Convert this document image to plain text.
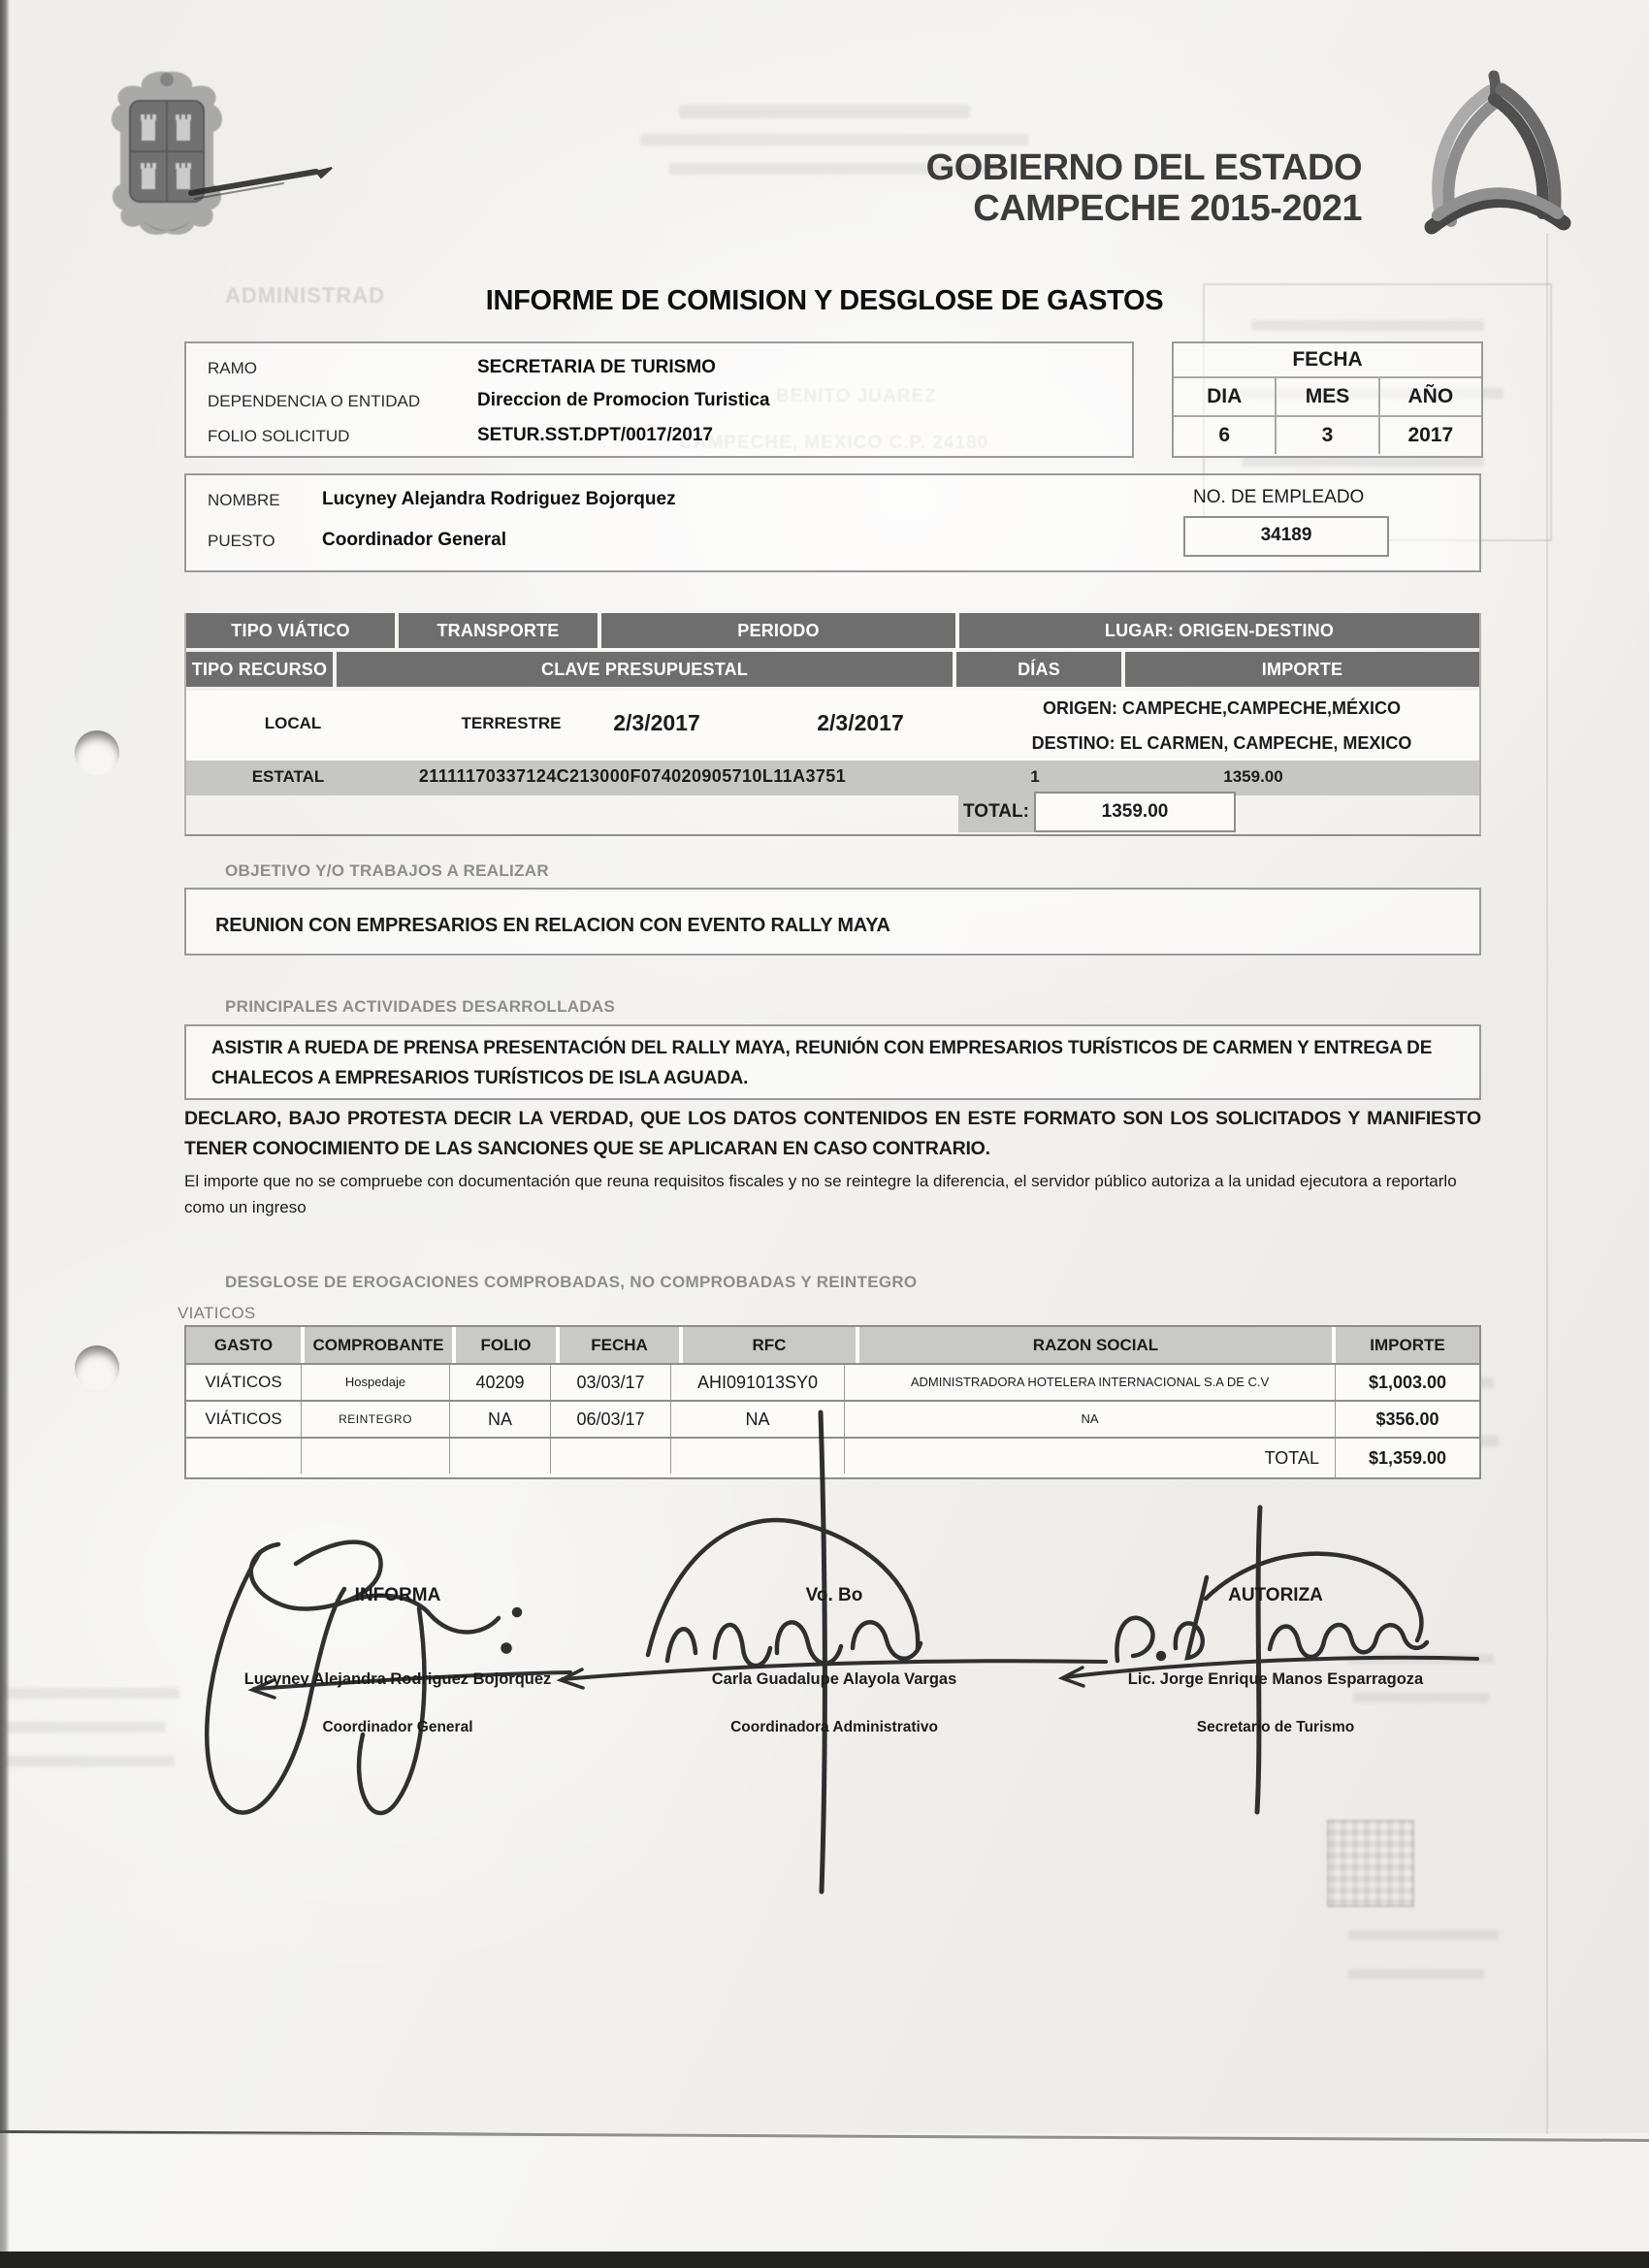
ADMINISTRAD
GOBIERNO DEL ESTADO
CAMPECHE 2015-2021
INFORME DE COMISION Y DESGLOSE DE GASTOS
RAMO	SECRETARIA DE TURISMO
DEPENDENCIA O ENTIDAD	Direccion de Promocion Turistica
FOLIO SOLICITUD	SETUR.SST.DPT/0017/2017
FECHA
DIA	MES	AÑO
6	3	2017
NOMBRE Lucyney Alejandra Rodriguez Bojorquez
PUESTO	Coordinador General
NO. DE EMPLEADO
34189
TIPO VIÁTICO	TRANSPORTE	PERIODO	LUGAR: ORIGEN-DESTINO
TIPO RECURSO	CLAVE PRESUPUESTAL	DÍAS	IMPORTE
LOCAL	TERRESTRE	2/3/2017	2/3/2017
ORIGEN: CAMPECHE,CAMPECHE,MÉXICO
DESTINO: EL CARMEN, CAMPECHE, MEXICO
ESTATAL	21111170337124C213000F074020905710L11A3751	1	1359.00
TOTAL:	1359.00
OBJETIVO Y/O TRABAJOS A REALIZAR
REUNION CON EMPRESARIOS EN RELACION CON EVENTO RALLY MAYA
PRINCIPALES ACTIVIDADES DESARROLLADAS
ASISTIR A RUEDA DE PRENSA PRESENTACIÓN DEL RALLY MAYA, REUNIÓN CON EMPRESARIOS TURÍSTICOS DE CARMEN Y ENTREGA DE CHALECOS A EMPRESARIOS TURÍSTICOS DE ISLA AGUADA.
DECLARO, BAJO PROTESTA DECIR LA VERDAD, QUE LOS DATOS CONTENIDOS EN ESTE FORMATO SON LOS SOLICITADOS Y MANIFIESTO TENER CONOCIMIENTO DE LAS SANCIONES QUE SE APLICARAN EN CASO CONTRARIO.
El importe que no se compruebe con documentación que reuna requisitos fiscales y no se reintegre la diferencia, el servidor público autoriza a la unidad ejecutora a reportarlo como un ingreso
DESGLOSE DE EROGACIONES COMPROBADAS, NO COMPROBADAS Y REINTEGRO
VIATICOS
GASTO	COMPROBANTE	FOLIO	FECHA	RFC	RAZON SOCIAL	IMPORTE
VIÁTICOS	Hospedaje	40209	03/03/17	AHI091013SY0	ADMINISTRADORA HOTELERA INTERNACIONAL S.A DE C.V	$1,003.00
VIÁTICOS	REINTEGRO	NA	06/03/17	NA	NA	$356.00
TOTAL	$1,359.00
INFORMA	Vo. Bo	AUTORIZA
Lucyney Alejandra Rodriguez Bojorquez	Carla Guadalupe Alayola Vargas	Lic. Jorge Enrique Manos Esparragoza
Coordinador General	Coordinadora Administrativo	Secretario de Turismo
